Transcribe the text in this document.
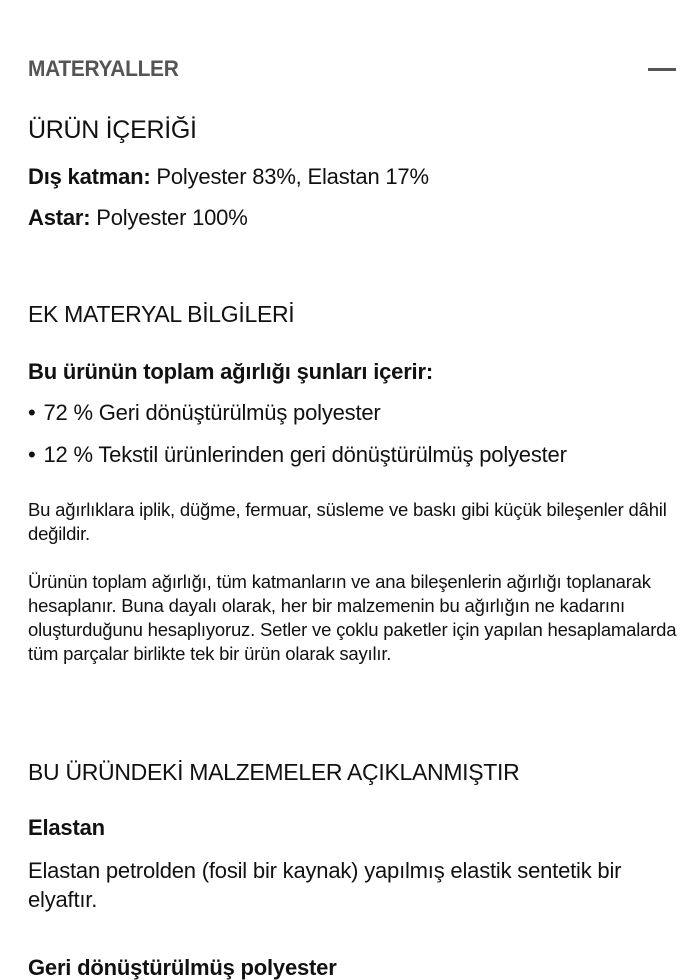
MATERYALLER
ÜRÜN İÇERİĞİ
Dış katman: Polyester 83%, Elastan 17%
Astar: Polyester 100%
EK MATERYAL BİLGİLERİ
Bu ürünün toplam ağırlığı şunları içerir:
• 72 % Geri dönüştürülmüş polyester
• 12 % Tekstil ürünlerinden geri dönüştürülmüş polyester
Bu ağırlıklara iplik, düğme, fermuar, süsleme ve baskı gibi küçük bileşenler dâhil değildir.
Ürünün toplam ağırlığı, tüm katmanların ve ana bileşenlerin ağırlığı toplanarak hesaplanır. Buna dayalı olarak, her bir malzemenin bu ağırlığın ne kadarını oluşturduğunu hesaplıyoruz. Setler ve çoklu paketler için yapılan hesaplamalarda tüm parçalar birlikte tek bir ürün olarak sayılır.
BU ÜRÜNDEKİ MALZEMELER AÇIKLANMIŞTIR
Elastan
Elastan petrolden (fosil bir kaynak) yapılmış elastik sentetik bir elyaftır.
Geri dönüştürülmüş polyester
